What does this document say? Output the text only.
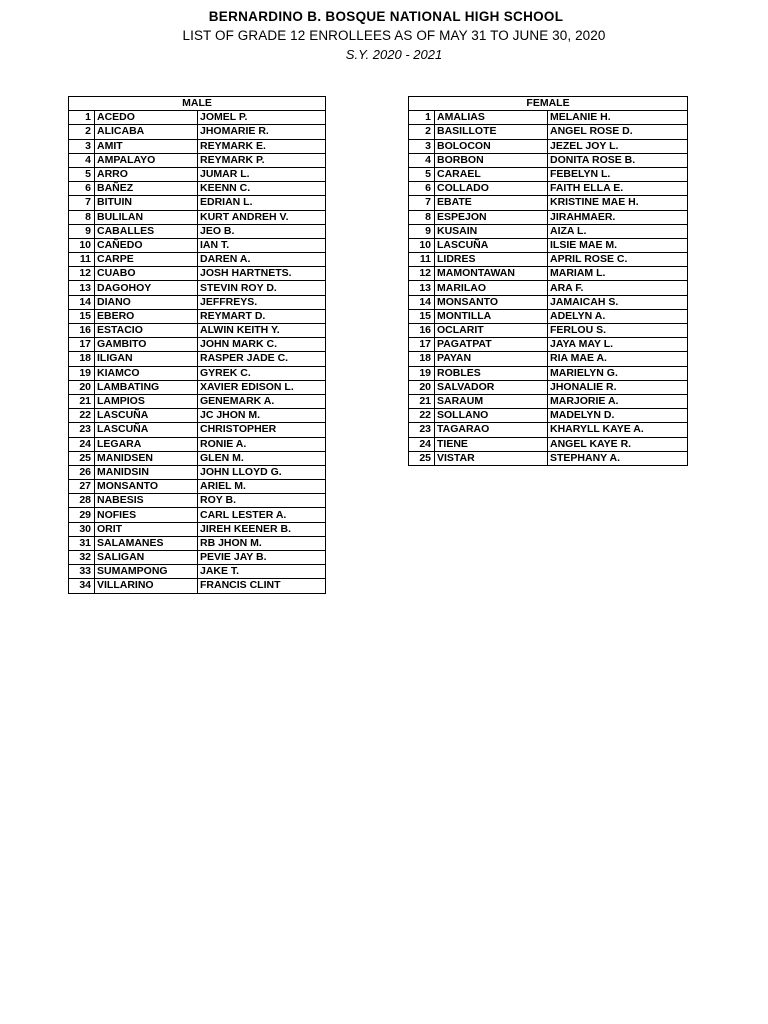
BERNARDINO B. BOSQUE NATIONAL HIGH SCHOOL
LIST OF GRADE 12 ENROLLEES AS OF MAY 31 TO JUNE 30, 2020
S.Y. 2020 - 2021
MALE		
1	ACEDO	JOMEL P.
2	ALICABA	JHOMARIE R.
3	AMIT	REYMARK E.
4	AMPALAYO	REYMARK P.
5	ARRO	JUMAR L.
6	BAÑEZ	KEENN C.
7	BITUIN	EDRIAN L.
8	BULILAN	KURT ANDREH V.
9	CABALLES	JEO B.
10	CAÑEDO	IAN T.
11	CARPE	DAREN A.
12	CUABO	JOSH HARTNETS.
13	DAGOHOY	STEVIN ROY D.
14	DIANO	JEFFREYS.
15	EBERO	REYMART D.
16	ESTACIO	ALWIN KEITH Y.
17	GAMBITO	JOHN MARK C.
18	ILIGAN	RASPER JADE C.
19	KIAMCO	GYREK C.
20	LAMBATING	XAVIER EDISON L.
21	LAMPIOS	GENEMARK A.
22	LASCUÑA	JC JHON M.
23	LASCUÑA	CHRISTOPHER
24	LEGARA	RONIE A.
25	MANIDSEN	GLEN M.
26	MANIDSIN	JOHN LLOYD G.
27	MONSANTO	ARIEL M.
28	NABESIS	ROY B.
29	NOFIES	CARL LESTER A.
30	ORIT	JIREH KEENER B.
31	SALAMANES	RB JHON M.
32	SALIGAN	PEVIE JAY B.
33	SUMAMPONG	JAKE T.
34	VILLARINO	FRANCIS CLINT
FEMALE		
1	AMALIAS	MELANIE H.
2	BASILLOTE	ANGEL ROSE D.
3	BOLOCON	JEZEL JOY L.
4	BORBON	DONITA ROSE B.
5	CARAEL	FEBELYN L.
6	COLLADO	FAITH ELLA E.
7	EBATE	KRISTINE MAE H.
8	ESPEJON	JIRAHMAER.
9	KUSAIN	AIZA L.
10	LASCUÑA	ILSIE MAE M.
11	LIDRES	APRIL ROSE C.
12	MAMONTAWAN	MARIAM L.
13	MARILAO	ARA F.
14	MONSANTO	JAMAICAH S.
15	MONTILLA	ADELYN A.
16	OCLARIT	FERLOU S.
17	PAGATPAT	JAYA MAY L.
18	PAYAN	RIA MAE A.
19	ROBLES	MARIELYN G.
20	SALVADOR	JHONALIE R.
21	SARAUM	MARJORIE A.
22	SOLLANO	MADELYN D.
23	TAGARAO	KHARYLL KAYE A.
24	TIENE	ANGEL KAYE R.
25	VISTAR	STEPHANY A.
